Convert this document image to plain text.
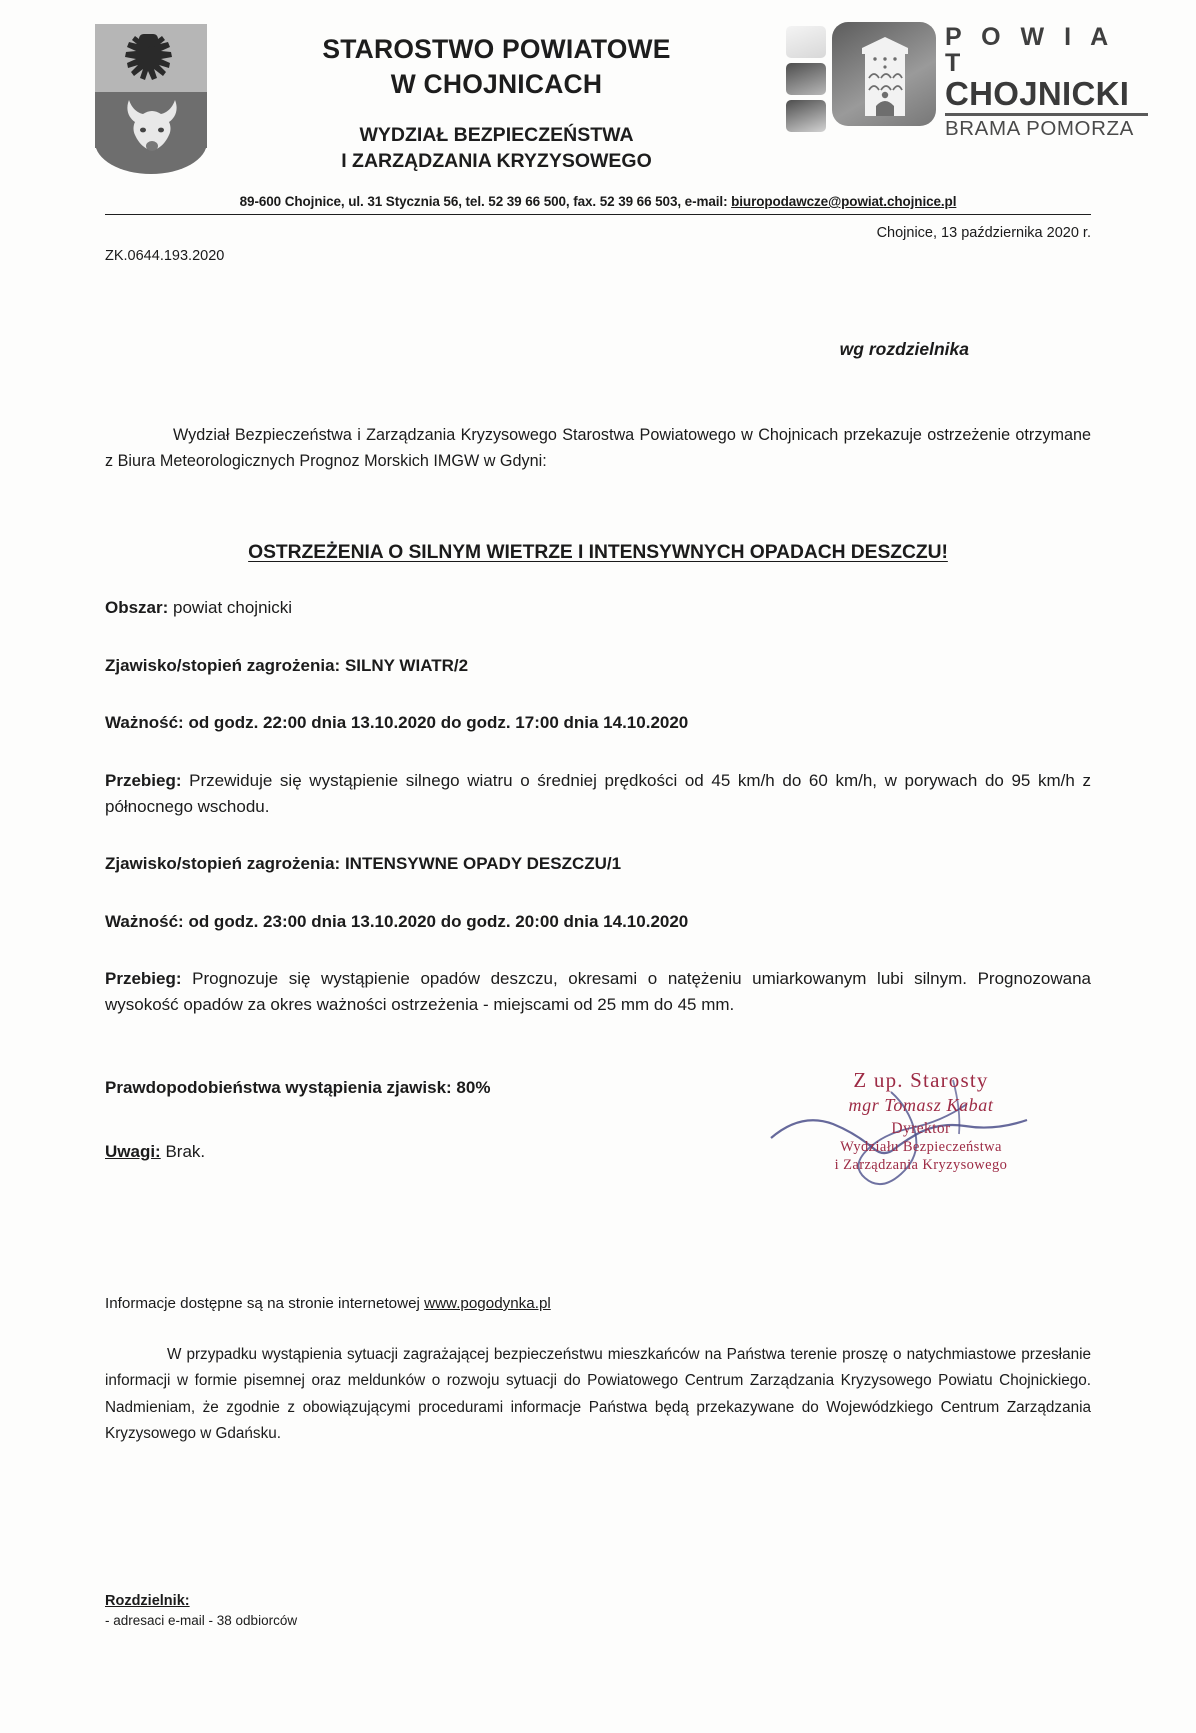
STAROSTWO POWIATOWE
W CHOJNICACH
WYDZIAŁ BEZPIECZEŃSTWA
I ZARZĄDZANIA KRYZYSOWEGO
P O W I A T
CHOJNICKI
BRAMA POMORZA
89-600 Chojnice, ul. 31 Stycznia 56, tel. 52 39 66 500, fax. 52 39 66 503, e-mail: biuropodawcze@powiat.chojnice.pl
Chojnice, 13 października 2020 r.
ZK.0644.193.2020
wg rozdzielnika
Wydział Bezpieczeństwa i Zarządzania Kryzysowego Starostwa Powiatowego w Chojnicach przekazuje ostrzeżenie otrzymane z Biura Meteorologicznych Prognoz Morskich IMGW w Gdyni:
OSTRZEŻENIA O SILNYM WIETRZE I INTENSYWNYCH OPADACH DESZCZU!
Obszar: powiat chojnicki
Zjawisko/stopień zagrożenia: SILNY WIATR/2
Ważność: od godz. 22:00 dnia 13.10.2020 do godz. 17:00 dnia 14.10.2020
Przebieg: Przewiduje się wystąpienie silnego wiatru o średniej prędkości od 45 km/h do 60 km/h, w porywach do 95 km/h z północnego wschodu.
Zjawisko/stopień zagrożenia: INTENSYWNE OPADY DESZCZU/1
Ważność: od godz. 23:00 dnia 13.10.2020 do godz. 20:00 dnia 14.10.2020
Przebieg: Prognozuje się wystąpienie opadów deszczu, okresami o natężeniu umiarkowanym lubi silnym. Prognozowana wysokość opadów za okres ważności ostrzeżenia - miejscami od 25 mm do 45 mm.
Prawdopodobieństwa wystąpienia zjawisk: 80%
Uwagi: Brak.
Z up. Starosty
mgr Tomasz Kabat
Dyrektor
Wydziału Bezpieczeństwa
i Zarządzania Kryzysowego
Informacje dostępne są na stronie internetowej www.pogodynka.pl
W przypadku wystąpienia sytuacji zagrażającej bezpieczeństwu mieszkańców na Państwa terenie proszę o natychmiastowe przesłanie informacji w formie pisemnej oraz meldunków o rozwoju sytuacji do Powiatowego Centrum Zarządzania Kryzysowego Powiatu Chojnickiego. Nadmieniam, że zgodnie z obowiązującymi procedurami informacje Państwa będą przekazywane do Wojewódzkiego Centrum Zarządzania Kryzysowego w Gdańsku.
Rozdzielnik:
- adresaci e-mail - 38 odbiorców
